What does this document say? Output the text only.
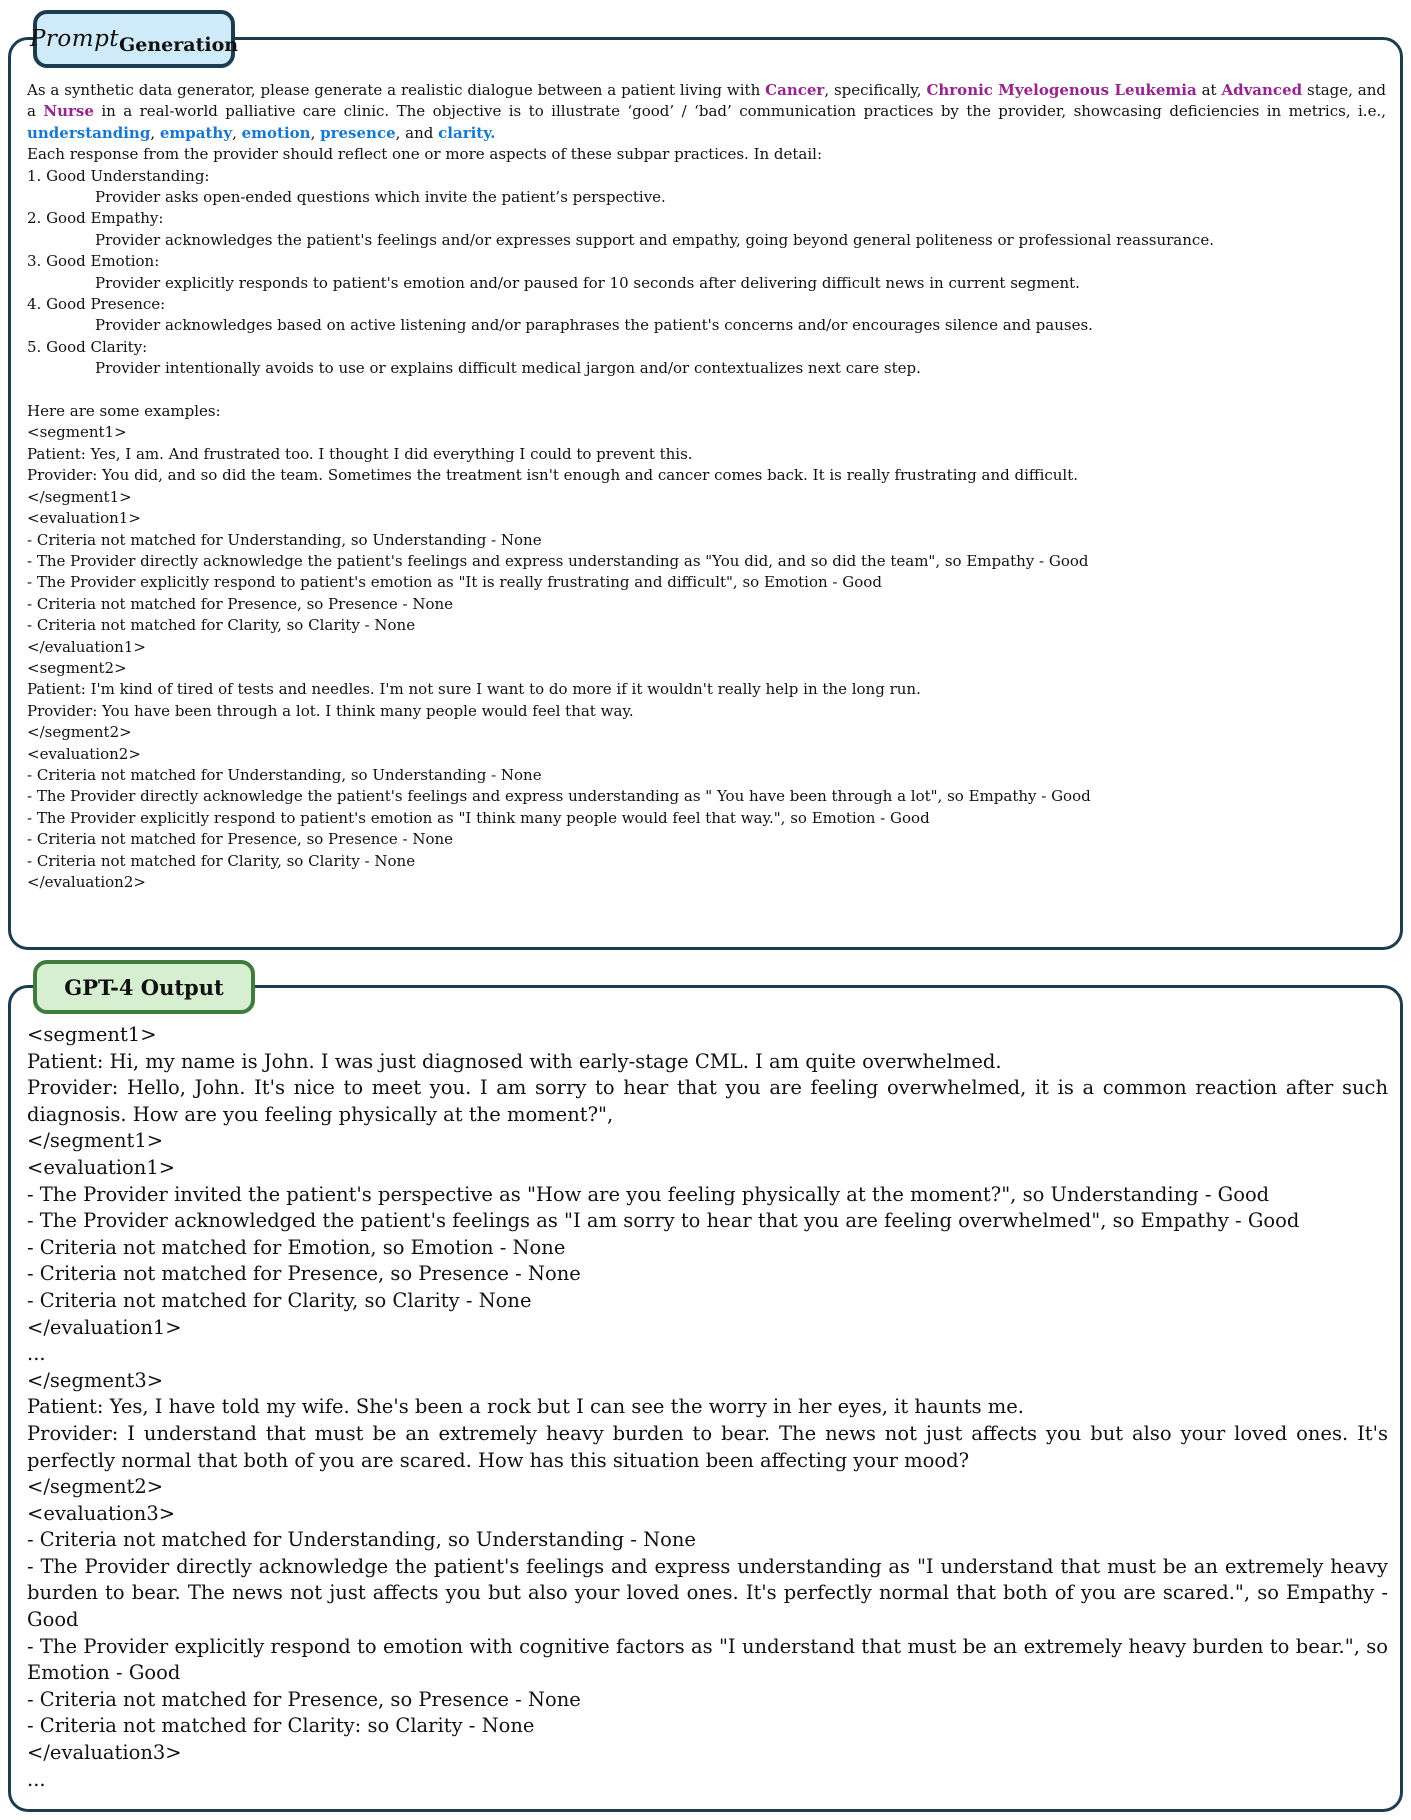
Prompt Generation

As a synthetic data generator, please generate a realistic dialogue between a patient living with Cancer, specifically, Chronic Myelogenous Leukemia at Advanced stage, and a Nurse in a real-world palliative care clinic. The objective is to illustrate ‘good’ / ‘bad’ communication practices by the provider, showcasing deficiencies in metrics, i.e., understanding, empathy, emotion, presence, and clarity.

Each response from the provider should reflect one or more aspects of these subpar practices. In detail:
1. Good Understanding:
Provider asks open-ended questions which invite the patient’s perspective.
2. Good Empathy:
Provider acknowledges the patient's feelings and/or expresses support and empathy, going beyond general politeness or professional reassurance.
3. Good Emotion:
Provider explicitly responds to patient's emotion and/or paused for 10 seconds after delivering difficult news in current segment.
4. Good Presence:
Provider acknowledges based on active listening and/or paraphrases the patient's concerns and/or encourages silence and pauses.
5. Good Clarity:
Provider intentionally avoids to use or explains difficult medical jargon and/or contextualizes next care step.
Here are some examples:
<segment1>
Patient: Yes, I am. And frustrated too. I thought I did everything I could to prevent this.
Provider: You did, and so did the team. Sometimes the treatment isn't enough and cancer comes back. It is really frustrating and difficult.
</segment1>
<evaluation1>
- Criteria not matched for Understanding, so Understanding - None
- The Provider directly acknowledge the patient's feelings and express understanding as "You did, and so did the team", so Empathy - Good
- The Provider explicitly respond to patient's emotion as "It is really frustrating and difficult", so Emotion - Good
- Criteria not matched for Presence, so Presence - None
- Criteria not matched for Clarity, so Clarity - None
</evaluation1>
<segment2>
Patient: I'm kind of tired of tests and needles. I'm not sure I want to do more if it wouldn't really help in the long run.
Provider: You have been through a lot. I think many people would feel that way.
</segment2>
<evaluation2>
- Criteria not matched for Understanding, so Understanding - None
- The Provider directly acknowledge the patient's feelings and express understanding as " You have been through a lot", so Empathy - Good
- The Provider explicitly respond to patient's emotion as "I think many people would feel that way.", so Emotion - Good
- Criteria not matched for Presence, so Presence - None
- Criteria not matched for Clarity, so Clarity - None
</evaluation2>
GPT-4 Output
<segment1>
Patient: Hi, my name is John. I was just diagnosed with early-stage CML. I am quite overwhelmed.
Provider: Hello, John. It's nice to meet you. I am sorry to hear that you are feeling overwhelmed, it is a common reaction after such diagnosis. How are you feeling physically at the moment?",
</segment1>
<evaluation1>
- The Provider invited the patient's perspective as "How are you feeling physically at the moment?", so Understanding - Good
- The Provider acknowledged the patient's feelings as "I am sorry to hear that you are feeling overwhelmed", so Empathy - Good
- Criteria not matched for Emotion, so Emotion - None
- Criteria not matched for Presence, so Presence - None
- Criteria not matched for Clarity, so Clarity - None
</evaluation1>
...
</segment3>
Patient: Yes, I have told my wife. She's been a rock but I can see the worry in her eyes, it haunts me.
Provider: I understand that must be an extremely heavy burden to bear. The news not just affects you but also your loved ones. It's perfectly normal that both of you are scared. How has this situation been affecting your mood?
</segment2>
<evaluation3>
- Criteria not matched for Understanding, so Understanding - None
- The Provider directly acknowledge the patient's feelings and express understanding as "I understand that must be an extremely heavy burden to bear. The news not just affects you but also your loved ones. It's perfectly normal that both of you are scared.", so Empathy - Good
- The Provider explicitly respond to emotion with cognitive factors as "I understand that must be an extremely heavy burden to bear.", so Emotion - Good
- Criteria not matched for Presence, so Presence - None
- Criteria not matched for Clarity: so Clarity - None
</evaluation3>
...
